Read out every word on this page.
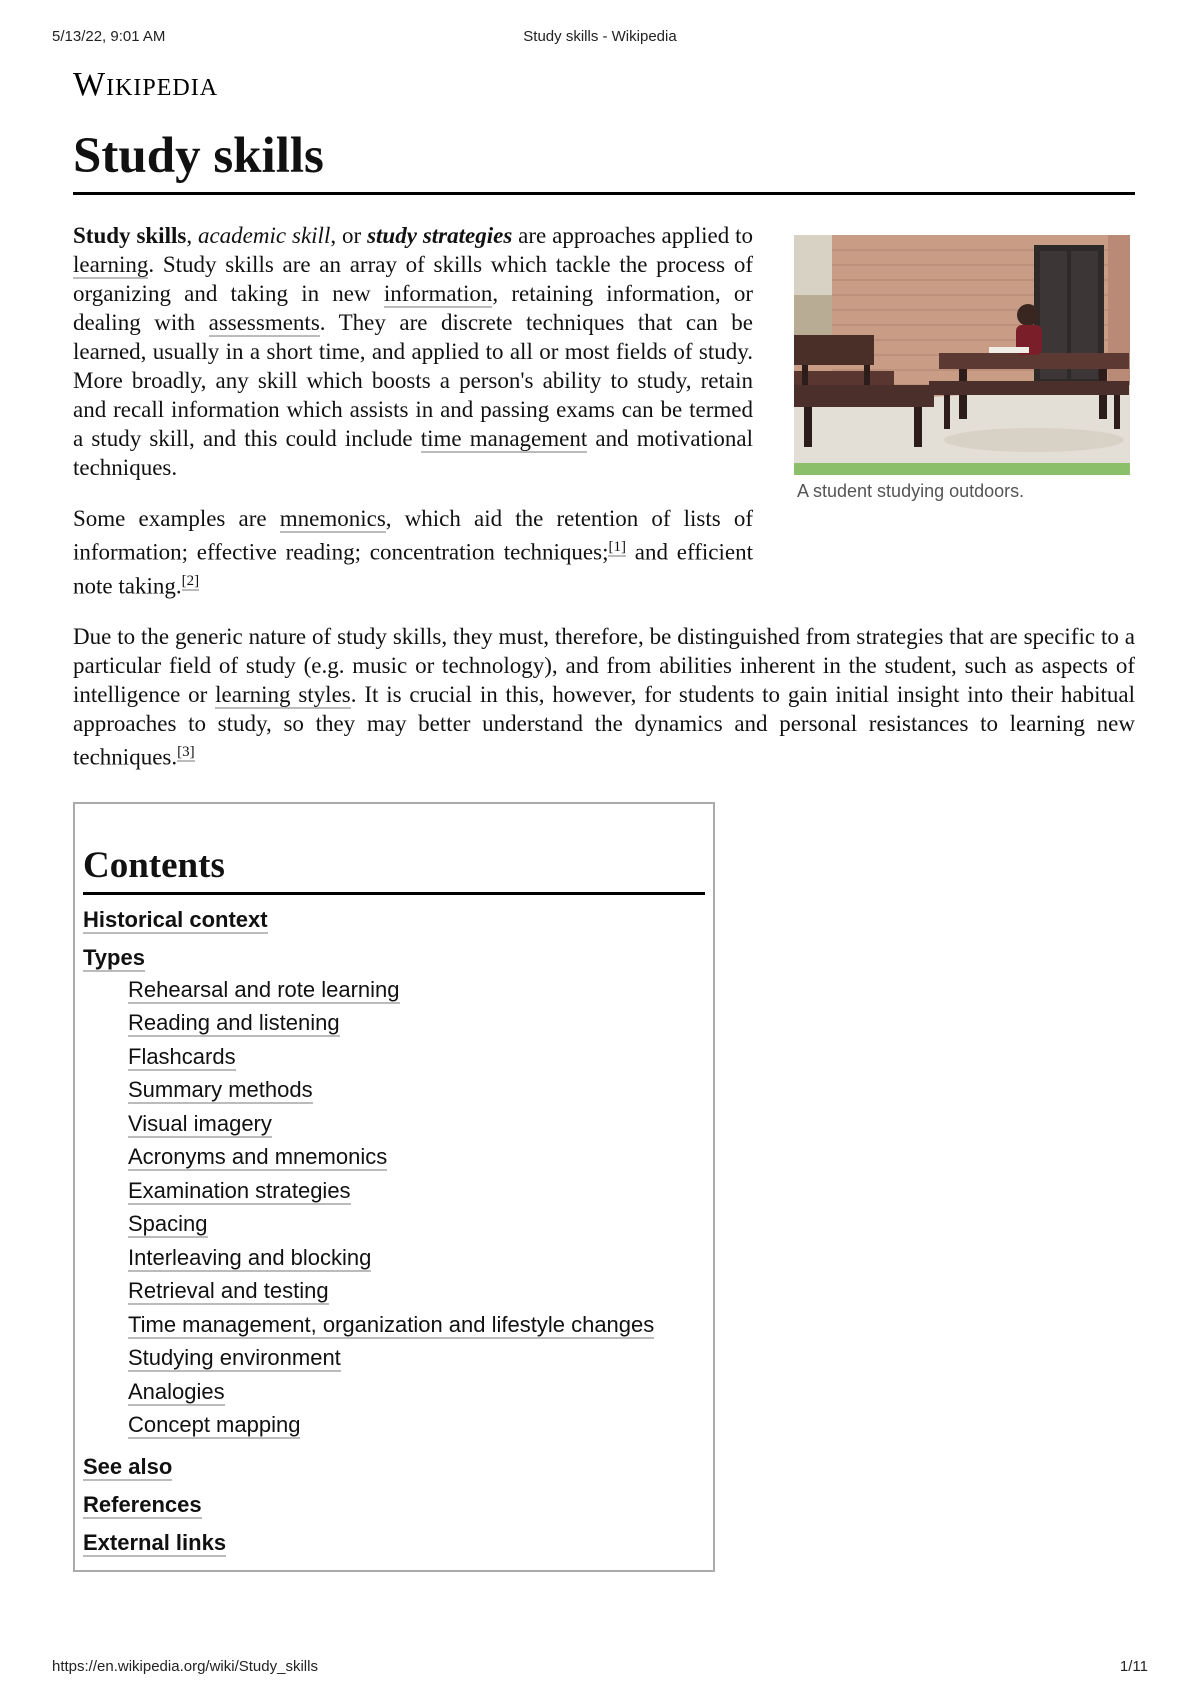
5/13/22, 9:01 AM	Study skills - Wikipedia
Wikipedia
Study skills

Study skills, academic skill, or study strategies are approaches applied to learning. Study skills are an array of skills which tackle the process of organizing and taking in new information, retaining information, or dealing with assessments. They are discrete techniques that can be learned, usually in a short time, and applied to all or most fields of study. More broadly, any skill which boosts a person's ability to study, retain and recall information which assists in and passing exams can be termed a study skill, and this could include time management and motivational techniques.

A student studying outdoors.

Some examples are mnemonics, which aid the retention of lists of information; effective reading; concentration techniques;[1] and efficient note taking.[2]

Due to the generic nature of study skills, they must, therefore, be distinguished from strategies that are specific to a particular field of study (e.g. music or technology), and from abilities inherent in the student, such as aspects of intelligence or learning styles. It is crucial in this, however, for students to gain initial insight into their habitual approaches to study, so they may better understand the dynamics and personal resistances to learning new techniques.[3]

Contents
Historical context
Types
Rehearsal and rote learning
Reading and listening
Flashcards
Summary methods
Visual imagery
Acronyms and mnemonics
Examination strategies
Spacing
Interleaving and blocking
Retrieval and testing
Time management, organization and lifestyle changes
Studying environment
Analogies
Concept mapping
See also
References
External links
https://en.wikipedia.org/wiki/Study_skills	1/11
